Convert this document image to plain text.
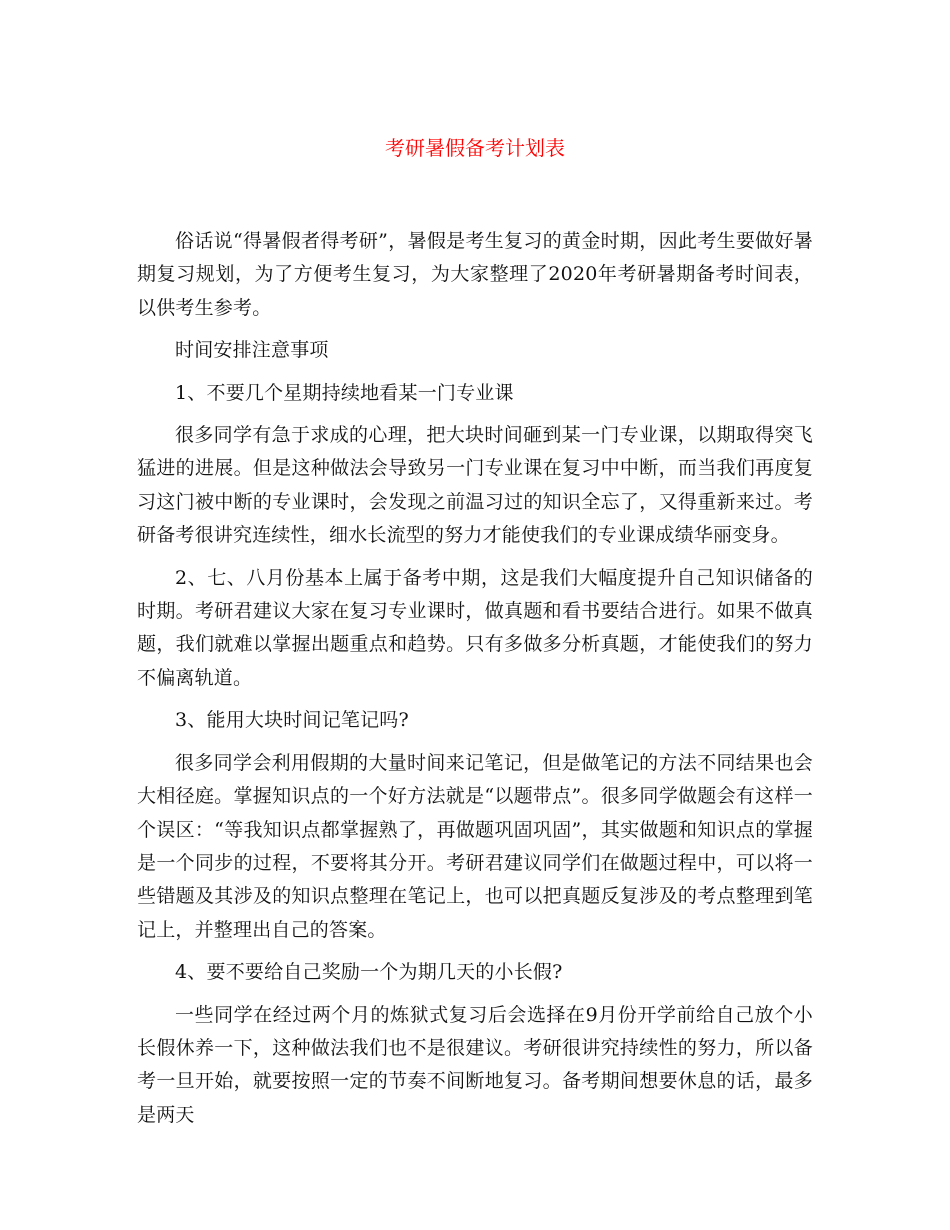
考研暑假备考计划表

俗话说“得暑假者得考研”，暑假是考生复习的黄金时期，因此考生要做好暑期复习规划，为了方便考生复习，为大家整理了2020年考研暑期备考时间表，以供考生参考。

时间安排注意事项

1、不要几个星期持续地看某一门专业课

很多同学有急于求成的心理，把大块时间砸到某一门专业课，以期取得突飞猛进的进展。但是这种做法会导致另一门专业课在复习中中断，而当我们再度复习这门被中断的专业课时，会发现之前温习过的知识全忘了，又得重新来过。考研备考很讲究连续性，细水长流型的努力才能使我们的专业课成绩华丽变身。

2、七、八月份基本上属于备考中期，这是我们大幅度提升自己知识储备的时期。考研君建议大家在复习专业课时，做真题和看书要结合进行。如果不做真题，我们就难以掌握出题重点和趋势。只有多做多分析真题，才能使我们的努力不偏离轨道。

3、能用大块时间记笔记吗?

很多同学会利用假期的大量时间来记笔记，但是做笔记的方法不同结果也会大相径庭。掌握知识点的一个好方法就是“以题带点”。很多同学做题会有这样一个误区：“等我知识点都掌握熟了，再做题巩固巩固”，其实做题和知识点的掌握是一个同步的过程，不要将其分开。考研君建议同学们在做题过程中，可以将一些错题及其涉及的知识点整理在笔记上，也可以把真题反复涉及的考点整理到笔记上，并整理出自己的答案。

4、要不要给自己奖励一个为期几天的小长假?

一些同学在经过两个月的炼狱式复习后会选择在9月份开学前给自己放个小长假休养一下，这种做法我们也不是很建议。考研很讲究持续性的努力，所以备考一旦开始，就要按照一定的节奏不间断地复习。备考期间想要休息的话，最多是两天
